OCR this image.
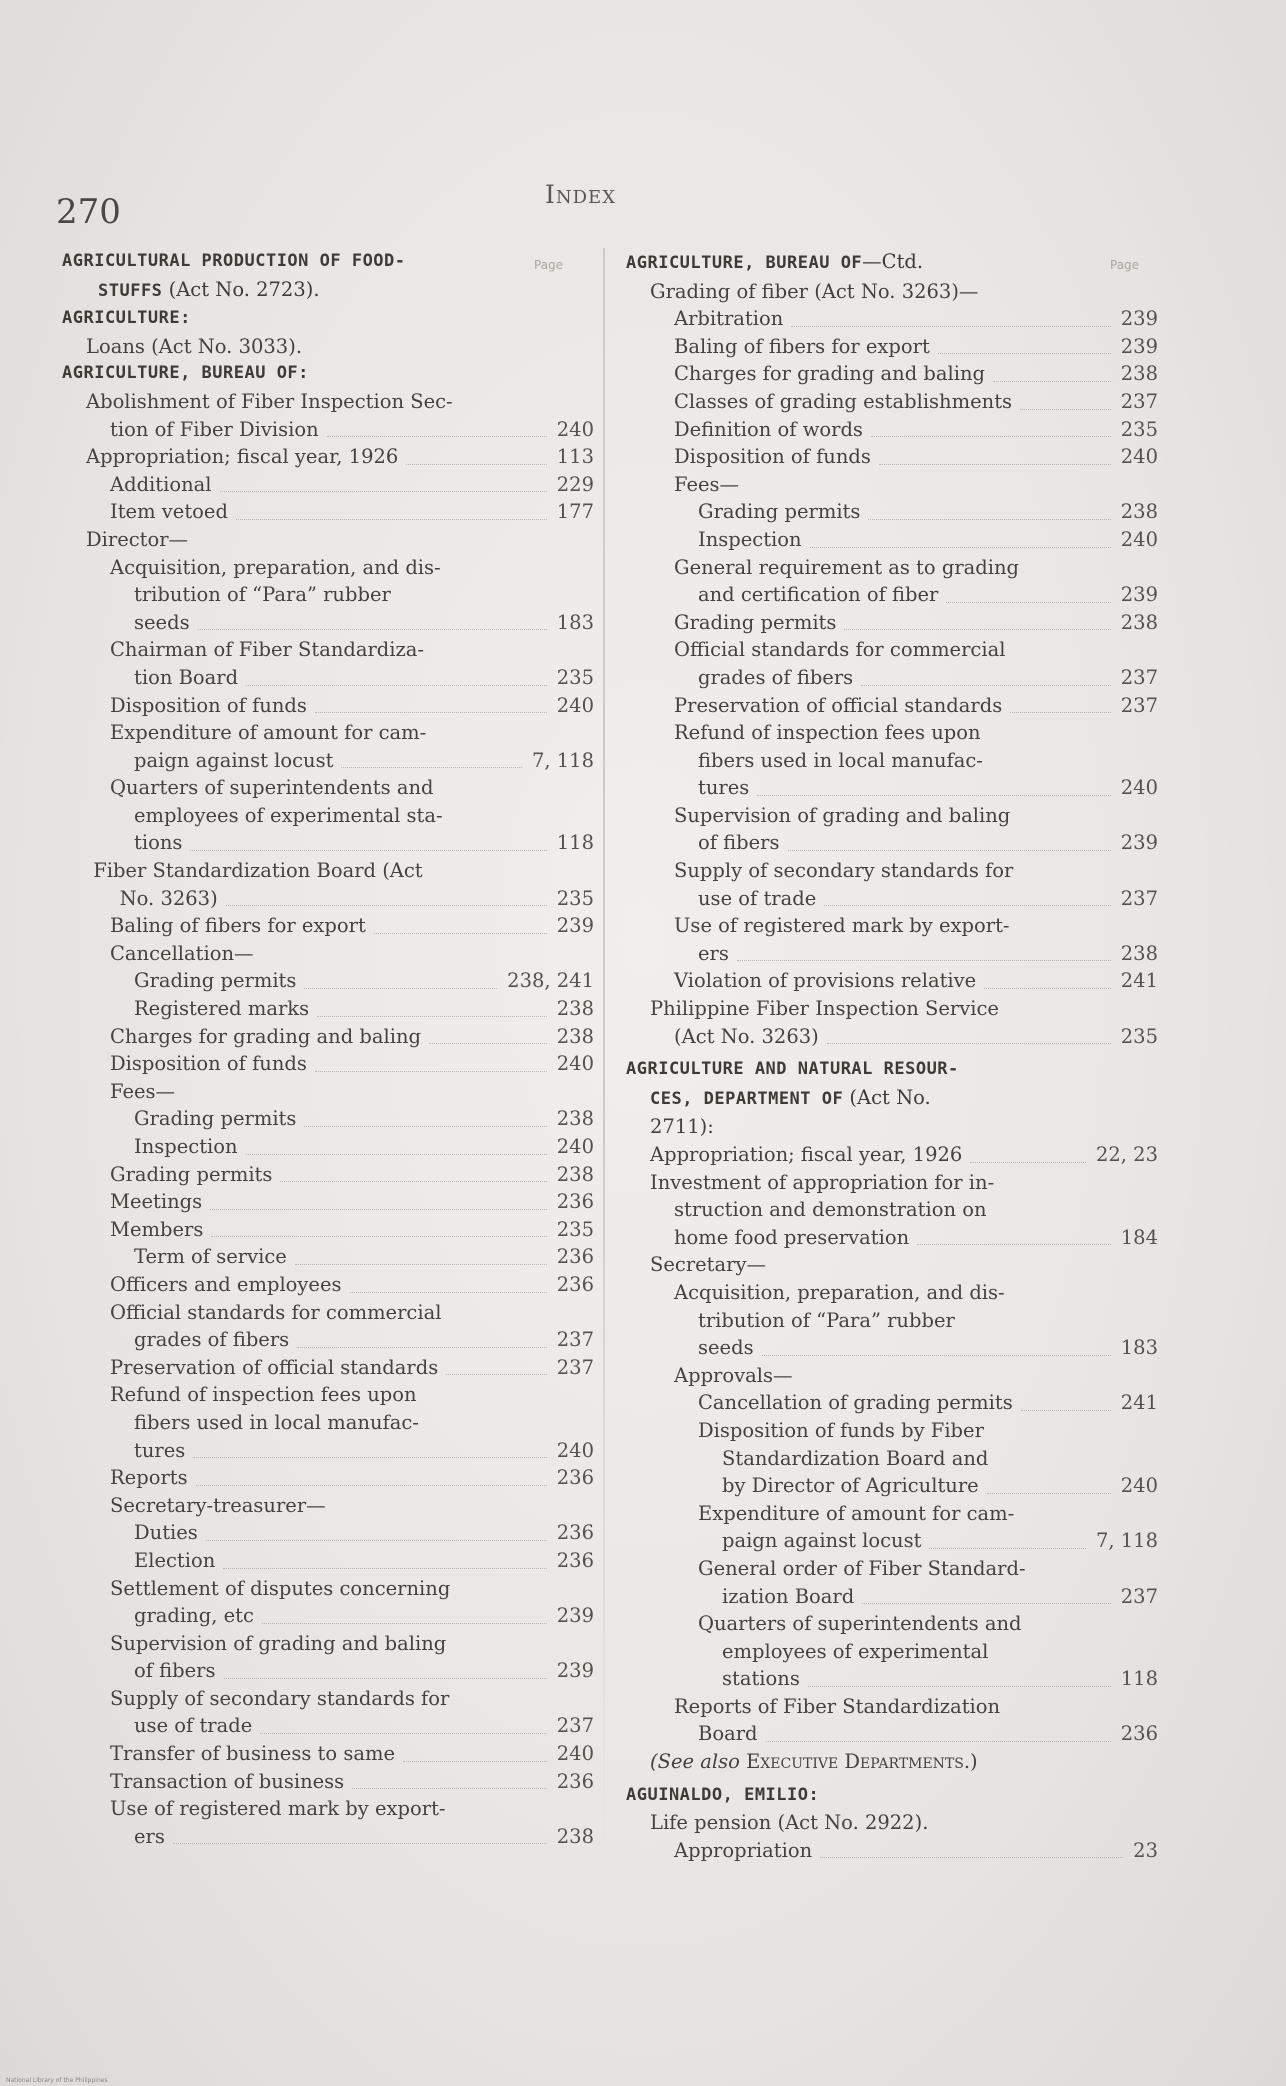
270	Index
Page	Page
AGRICULTURAL PRODUCTION OF FOOD-
STUFFS (Act No. 2723).
AGRICULTURE:
Loans (Act No. 3033).
AGRICULTURE, BUREAU OF:
Abolishment of Fiber Inspection Sec-
tion of Fiber Division	240
Appropriation; fiscal year, 1926	113
Additional	229
Item vetoed	177
Director—
Acquisition, preparation, and dis-
tribution of “Para” rubber
seeds	183
Chairman of Fiber Standardiza-
tion Board	235
Disposition of funds	240
Expenditure of amount for cam-
paign against locust	7, 118
Quarters of superintendents and
employees of experimental sta-
tions	118
Fiber Standardization Board (Act
No. 3263)	235
Baling of fibers for export	239
Cancellation—
Grading permits	238, 241
Registered marks	238
Charges for grading and baling	238
Disposition of funds	240
Fees—
Grading permits	238
Inspection	240
Grading permits	238
Meetings	236
Members	235
Term of service	236
Officers and employees	236
Official standards for commercial
grades of fibers	237
Preservation of official standards	237
Refund of inspection fees upon
fibers used in local manufac-
tures	240
Reports	236
Secretary-treasurer—
Duties	236
Election	236
Settlement of disputes concerning
grading, etc	239
Supervision of grading and baling
of fibers	239
Supply of secondary standards for
use of trade	237
Transfer of business to same	240
Transaction of business	236
Use of registered mark by export-
ers	238
AGRICULTURE, BUREAU OF—Ctd.
Grading of fiber (Act No. 3263)—
Arbitration	239
Baling of fibers for export	239
Charges for grading and baling	238
Classes of grading establishments	237
Definition of words	235
Disposition of funds	240
Fees—
Grading permits	238
Inspection	240
General requirement as to grading
and certification of fiber	239
Grading permits	238
Official standards for commercial
grades of fibers	237
Preservation of official standards	237
Refund of inspection fees upon
fibers used in local manufac-
tures	240
Supervision of grading and baling
of fibers	239
Supply of secondary standards for
use of trade	237
Use of registered mark by export-
ers	238
Violation of provisions relative	241
Philippine Fiber Inspection Service
(Act No. 3263)	235
AGRICULTURE AND NATURAL RESOUR-
CES, DEPARTMENT OF (Act No.
2711):
Appropriation; fiscal year, 1926	22, 23
Investment of appropriation for in-
struction and demonstration on
home food preservation	184
Secretary—
Acquisition, preparation, and dis-
tribution of “Para” rubber
seeds	183
Approvals—
Cancellation of grading permits	241
Disposition of funds by Fiber
Standardization Board and
by Director of Agriculture	240
Expenditure of amount for cam-
paign against locust	7, 118
General order of Fiber Standard-
ization Board	237
Quarters of superintendents and
employees of experimental
stations	118
Reports of Fiber Standardization
Board	236
(See also Executive Departments.)
AGUINALDO, EMILIO:
Life pension (Act No. 2922).
Appropriation	23
National Library of the Philippines
